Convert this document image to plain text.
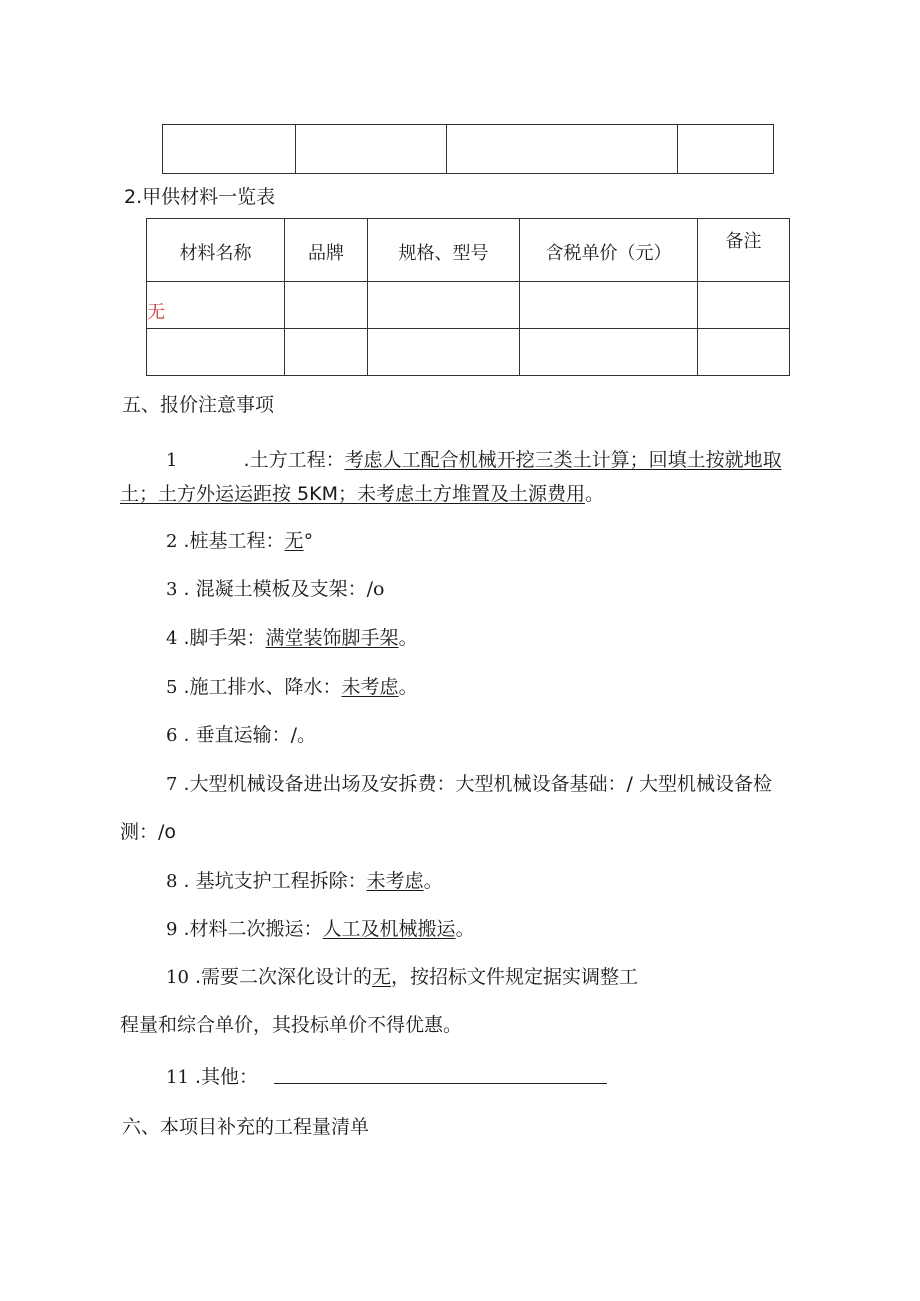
2.甲供材料一览表
材料名称	品牌	规格、型号	含税单价（元）	备注
无				

五、报价注意事项
1	.土方工程：考虑人工配合机械开挖三类土计算；回填土按就地取
土；土方外运运距按 5KM；未考虑土方堆置及土源费用。
2 .桩基工程：无°
3 . 混凝土模板及支架：/o
4 .脚手架：满堂装饰脚手架。
5 .施工排水、降水：未考虑。
6 . 垂直运输：/。
7 .大型机械设备进出场及安拆费：大型机械设备基础：/ 大型机械设备检
测：/o
8 . 基坑支护工程拆除：未考虑。
9 .材料二次搬运：人工及机械搬运。
10 .需要二次深化设计的无，按招标文件规定据实调整工
程量和综合单价，其投标单价不得优惠。
11 .其他：
六、本项目补充的工程量清单
